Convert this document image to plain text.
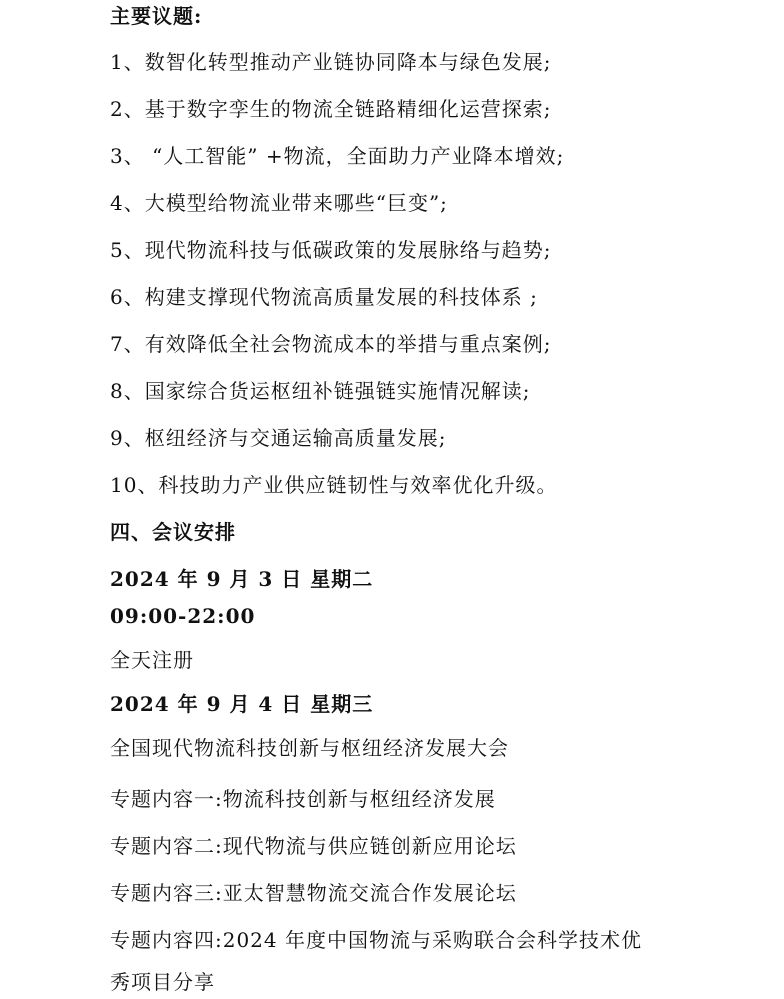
主要议题:
1、数智化转型推动产业链协同降本与绿色发展;
2、基于数字孪生的物流全链路精细化运营探索;
3、 “人工智能” +物流，全面助力产业降本增效;
4、大模型给物流业带来哪些“巨变”;
5、现代物流科技与低碳政策的发展脉络与趋势;
6、构建支撑现代物流高质量发展的科技体系 ;
7、有效降低全社会物流成本的举措与重点案例;
8、国家综合货运枢纽补链强链实施情况解读;
9、枢纽经济与交通运输高质量发展;
10、科技助力产业供应链韧性与效率优化升级。
四、会议安排
2024 年 9 月 3 日 星期二
09:00-22:00
全天注册
2024 年 9 月 4 日 星期三
全国现代物流科技创新与枢纽经济发展大会
专题内容一:物流科技创新与枢纽经济发展
专题内容二:现代物流与供应链创新应用论坛
专题内容三:亚太智慧物流交流合作发展论坛
专题内容四:2024 年度中国物流与采购联合会科学技术优
秀项目分享
